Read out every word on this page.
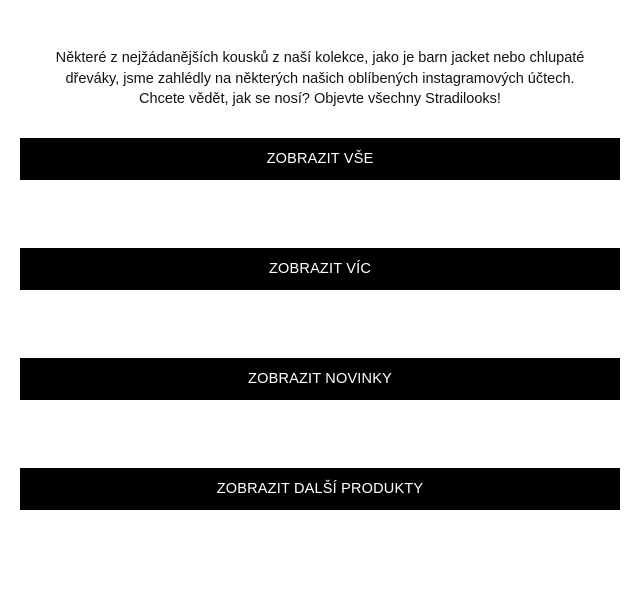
Některé z nejžádanějších kousků z naší kolekce, jako je barn jacket nebo chlupaté
dřeváky, jsme zahlédly na některých našich oblíbených instagramových účtech.
Chcete vědět, jak se nosí? Objevte všechny Stradilooks!
ZOBRAZIT VŠE
ZOBRAZIT VÍC
ZOBRAZIT NOVINKY
ZOBRAZIT DALŠÍ PRODUKTY
